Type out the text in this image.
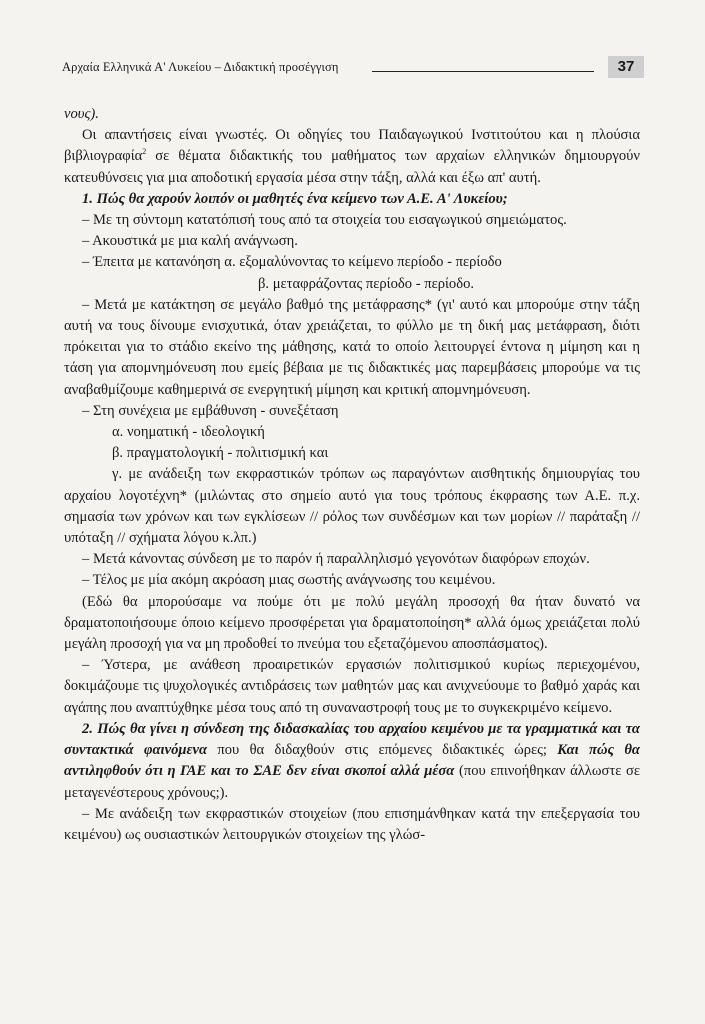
Αρχαία Ελληνικά Α' Λυκείου – Διδακτική προσέγγιση	37

νους).

Οι απαντήσεις είναι γνωστές. Οι οδηγίες του Παιδαγωγικού Ινστιτούτου και η πλούσια βιβλιογραφία$^2$ σε θέματα διδακτικής του μαθήματος των αρχαίων ελληνικών δημιουργούν κατευθύνσεις για μια αποδοτική εργασία μέσα στην τάξη, αλλά και έξω απ' αυτή.

1. Πώς θα χαρούν λοιπόν οι μαθητές ένα κείμενο των Α.Ε. Α' Λυκείου;

– Με τη σύντομη κατατόπισή τους από τα στοιχεία του εισαγωγικού σημειώματος.

– Ακουστικά με μια καλή ανάγνωση.

– Έπειτα με κατανόηση α. εξομαλύνοντας το κείμενο περίοδο - περίοδο

β. μεταφράζοντας περίοδο - περίοδο.

– Μετά με κατάκτηση σε μεγάλο βαθμό της μετάφρασης* (γι' αυτό και μπορούμε στην τάξη αυτή να τους δίνουμε ενισχυτικά, όταν χρειάζεται, το φύλλο με τη δική μας μετάφραση, διότι πρόκειται για το στάδιο εκείνο της μάθησης, κατά το οποίο λειτουργεί έντονα η μίμηση και η τάση για απομνημόνευση που εμείς βέβαια με τις διδακτικές μας παρεμβάσεις μπορούμε να τις αναβαθμίζουμε καθημερινά σε ενεργητική μίμηση και κριτική απομνημόνευση.

– Στη συνέχεια με εμβάθυνση - συνεξέταση

α. νοηματική - ιδεολογική

β. πραγματολογική - πολιτισμική και

γ. με ανάδειξη των εκφραστικών τρόπων ως παραγόντων αισθητικής δημιουργίας του αρχαίου λογοτέχνη* (μιλώντας στο σημείο αυτό για τους τρόπους έκφρασης των Α.Ε. π.χ. σημασία των χρόνων και των εγκλίσεων // ρόλος των συνδέσμων και των μορίων // παράταξη // υπόταξη // σχήματα λόγου κ.λπ.)

– Μετά κάνοντας σύνδεση με το παρόν ή παραλληλισμό γεγονότων διαφόρων εποχών.

– Τέλος με μία ακόμη ακρόαση μιας σωστής ανάγνωσης του κειμένου.

(Εδώ θα μπορούσαμε να πούμε ότι με πολύ μεγάλη προσοχή θα ήταν δυνατό να δραματοποιήσουμε όποιο κείμενο προσφέρεται για δραματοποίηση* αλλά όμως χρειάζεται πολύ μεγάλη προσοχή για να μη προδοθεί το πνεύμα του εξεταζόμενου αποσπάσματος).

– Ύστερα, με ανάθεση προαιρετικών εργασιών πολιτισμικού κυρίως περιεχομένου, δοκιμάζουμε τις ψυχολογικές αντιδράσεις των μαθητών μας και ανιχνεύουμε το βαθμό χαράς και αγάπης που αναπτύχθηκε μέσα τους από τη συναναστροφή τους με το συγκεκριμένο κείμενο.

2. Πώς θα γίνει η σύνδεση της διδασκαλίας του αρχαίου κειμένου με τα γραμματικά και τα συντακτικά φαινόμενα που θα διδαχθούν στις επόμενες διδακτικές ώρες; Και πώς θα αντιληφθούν ότι η ΓΑΕ και το ΣΑΕ δεν είναι σκοποί αλλά μέσα (που επινοήθηκαν άλλωστε σε μεταγενέστερους χρόνους;).

– Με ανάδειξη των εκφραστικών στοιχείων (που επισημάνθηκαν κατά την επεξεργασία του κειμένου) ως ουσιαστικών λειτουργικών στοιχείων της γλώσ-
